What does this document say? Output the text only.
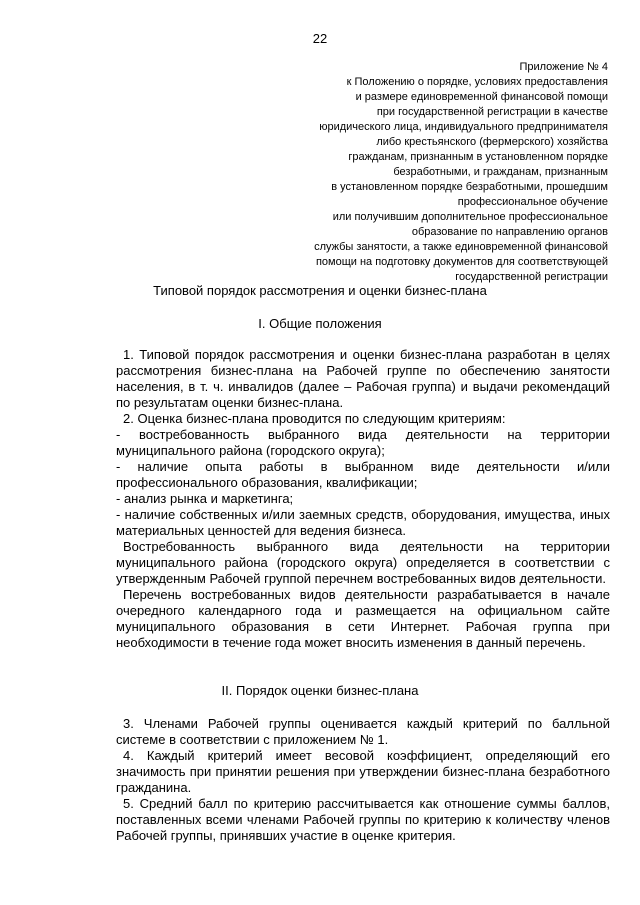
22
Приложение № 4
к Положению о порядке, условиях предоставления
и размере единовременной финансовой помощи
при государственной регистрации в качестве
юридического лица, индивидуального предпринимателя
либо крестьянского (фермерского) хозяйства
гражданам, признанным в установленном порядке
безработными, и гражданам, признанным
в установленном порядке безработными, прошедшим
профессиональное обучение
или получившим дополнительное профессиональное
образование по направлению органов
службы занятости, а также единовременной финансовой
помощи на подготовку документов для соответствующей
государственной регистрации
Типовой порядок рассмотрения и оценки бизнес-плана
I. Общие положения

1. Типовой порядок рассмотрения и оценки бизнес-плана разработан в целях рассмотрения бизнес-плана на Рабочей группе по обеспечению занятости населения, в т. ч. инвалидов (далее – Рабочая группа) и выдачи рекомендаций по результатам оценки бизнес-плана.

2. Оценка бизнес-плана проводится по следующим критериям:

- востребованность выбранного вида деятельности на территории муниципального района (городского округа);

- наличие опыта работы в выбранном виде деятельности и/или профессионального образования, квалификации;

- анализ рынка и маркетинга;

- наличие собственных и/или заемных средств, оборудования, имущества, иных материальных ценностей для ведения бизнеса.

Востребованность выбранного вида деятельности на территории муниципального района (городского округа) определяется в соответствии с утвержденным Рабочей группой перечнем востребованных видов деятельности.

Перечень востребованных видов деятельности разрабатывается в начале очередного календарного года и размещается на официальном сайте муниципального образования в сети Интернет. Рабочая группа при необходимости в течение года может вносить изменения в данный перечень.

II. Порядок оценки бизнес-плана

3. Членами Рабочей группы оценивается каждый критерий по балльной системе в соответствии с приложением № 1.

4. Каждый критерий имеет весовой коэффициент, определяющий его значимость при принятии решения при утверждении бизнес-плана безработного гражданина.

5. Средний балл по критерию рассчитывается как отношение суммы баллов, поставленных всеми членами Рабочей группы по критерию к количеству членов Рабочей группы, принявших участие в оценке критерия.
